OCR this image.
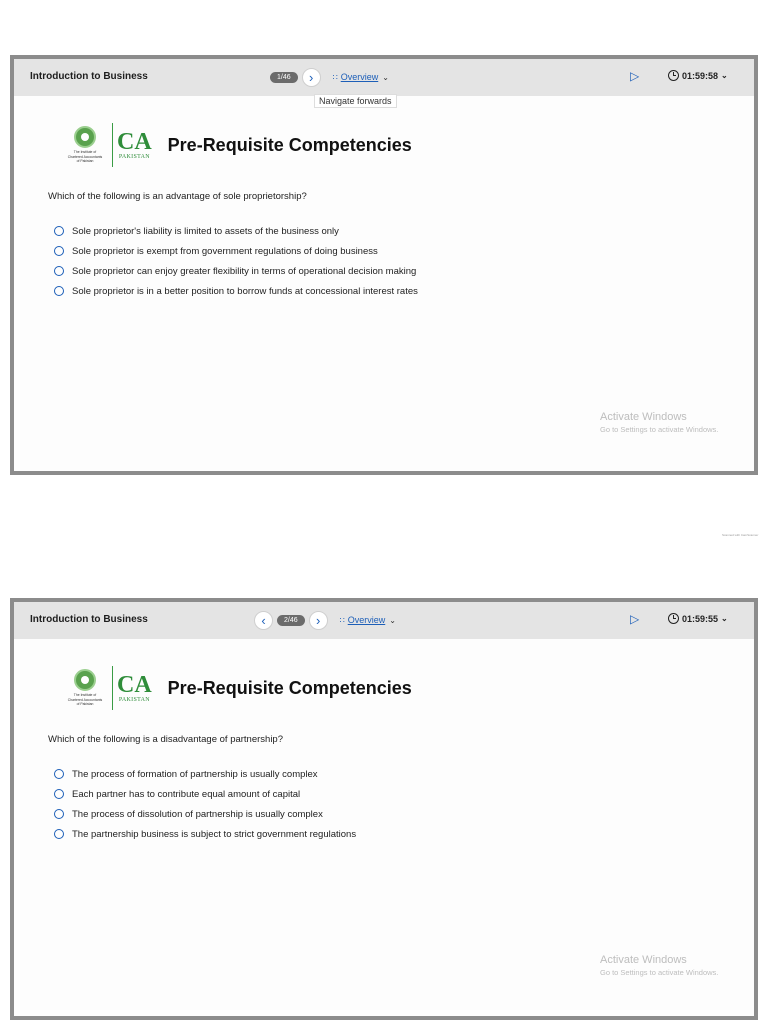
Introduction to Business	1/46	› ∷ Overview ⌄	▷	01:59:58 ⌄
Navigate forwards
The Institute of
Chartered Accountants
of Pakistan
CA
PAKISTAN
Pre-Requisite Competencies
Which of the following is an advantage of sole proprietorship?
Sole proprietor's liability is limited to assets of the business only
Sole proprietor is exempt from government regulations of doing business
Sole proprietor can enjoy greater flexibility in terms of operational decision making
Sole proprietor is in a better position to borrow funds at concessional interest rates
Activate Windows
Go to Settings to activate Windows.
Scanned with CamScanner
Introduction to Business	‹	2/46	› ∷ Overview ⌄	▷	01:59:55 ⌄
The Institute of
Chartered Accountants
of Pakistan
CA
PAKISTAN
Pre-Requisite Competencies
Which of the following is a disadvantage of partnership?
The process of formation of partnership is usually complex
Each partner has to contribute equal amount of capital
The process of dissolution of partnership is usually complex
The partnership business is subject to strict government regulations
Activate Windows
Go to Settings to activate Windows.
